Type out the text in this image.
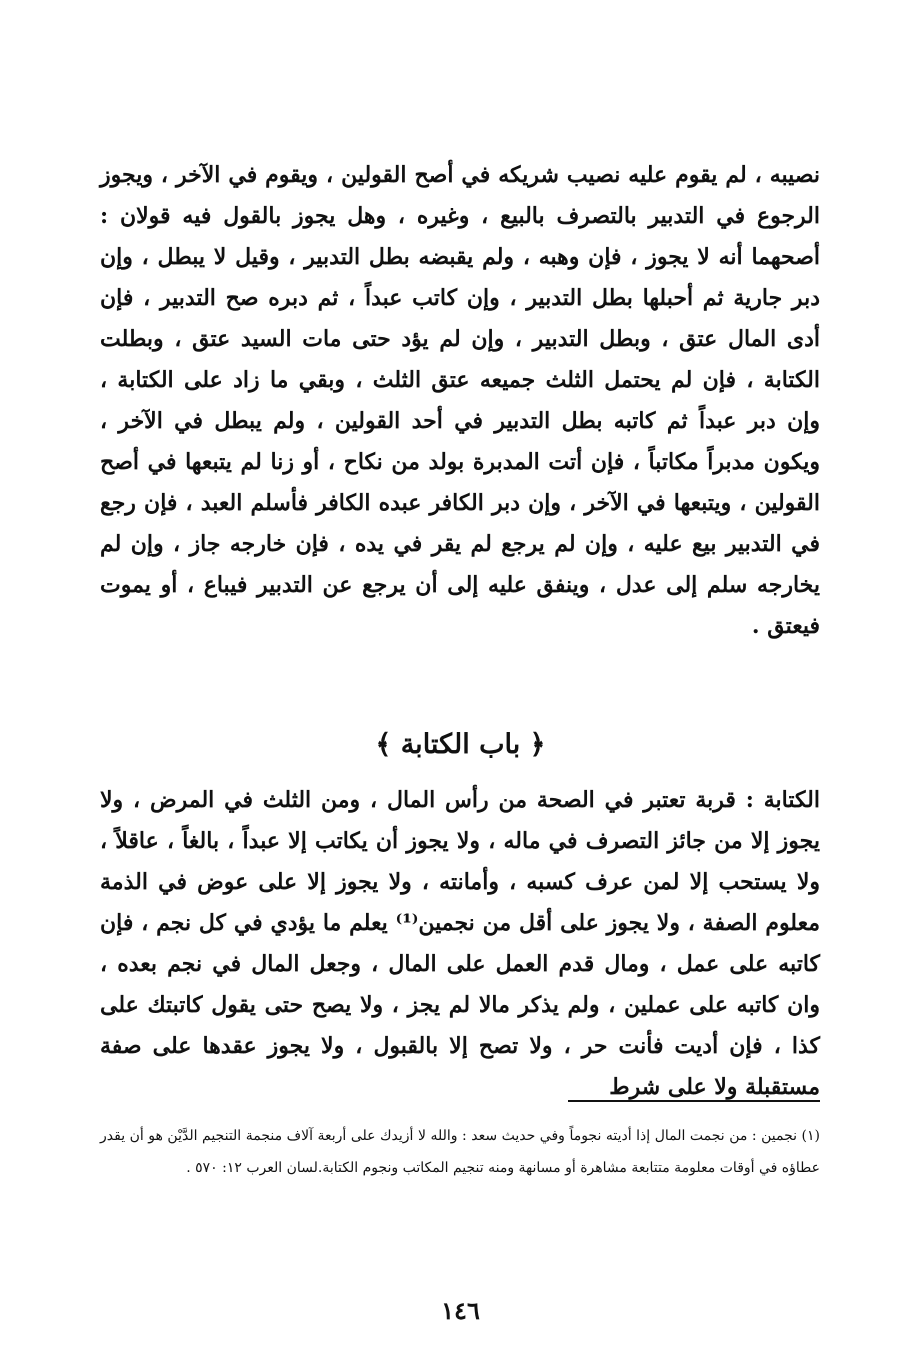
نصيبه ، لم يقوم عليه نصيب شريكه في أصح القولين ، ويقوم في الآخر ، ويجوز الرجوع في التدبير بالتصرف بالبيع ، وغيره ، وهل يجوز بالقول فيه قولان : أصحهما أنه لا يجوز ، فإن وهبه ، ولم يقبضه بطل التدبير ، وقيل لا يبطل ، وإن دبر جارية ثم أحبلها بطل التدبير ، وإن كاتب عبداً ، ثم دبره صح التدبير ، فإن أدى المال عتق ، وبطل التدبير ، وإن لم يؤد حتى مات السيد عتق ، وبطلت الكتابة ، فإن لم يحتمل الثلث جميعه عتق الثلث ، وبقي ما زاد على الكتابة ، وإن دبر عبداً ثم كاتبه بطل التدبير في أحد القولين ، ولم يبطل في الآخر ، ويكون مدبراً مكاتباً ، فإن أتت المدبرة بولد من نكاح ، أو زنا لم يتبعها في أصح القولين ، ويتبعها في الآخر ، وإن دبر الكافر عبده الكافر فأسلم العبد ، فإن رجع في التدبير بيع عليه ، وإن لم يرجع لم يقر في يده ، فإن خارجه جاز ، وإن لم يخارجه سلم إلى عدل ، وينفق عليه إلى أن يرجع عن التدبير فيباع ، أو يموت فيعتق .

﴿ باب الكتابة ﴾

الكتابة : قربة تعتبر في الصحة من رأس المال ، ومن الثلث في المرض ، ولا يجوز إلا من جائز التصرف في ماله ، ولا يجوز أن يكاتب إلا عبداً ، بالغاً ، عاقلاً ، ولا يستحب إلا لمن عرف كسبه ، وأمانته ، ولا يجوز إلا على عوض في الذمة معلوم الصفة ، ولا يجوز على أقل من نجمين⁽¹⁾ يعلم ما يؤدي في كل نجم ، فإن كاتبه على عمل ، ومال قدم العمل على المال ، وجعل المال في نجم بعده ، وان كاتبه على عملين ، ولم يذكر مالا لم يجز ، ولا يصح حتى يقول كاتبتك على كذا ، فإن أديت فأنت حر ، ولا تصح إلا بالقبول ، ولا يجوز عقدها على صفة مستقبلة ولا على شرط

(١) نجمين : من نجمت المال إذا أديته نجوماً وفي حديث سعد : والله لا أزيدك على أربعة آلاف منجمة التنجيم الدَّيْن هو أن يقدر عطاؤه في أوقات معلومة متتابعة مشاهرة أو مسانهة ومنه تنجيم المكاتب ونجوم الكتابة.لسان العرب ١٢: ٥٧٠ .

١٤٦
